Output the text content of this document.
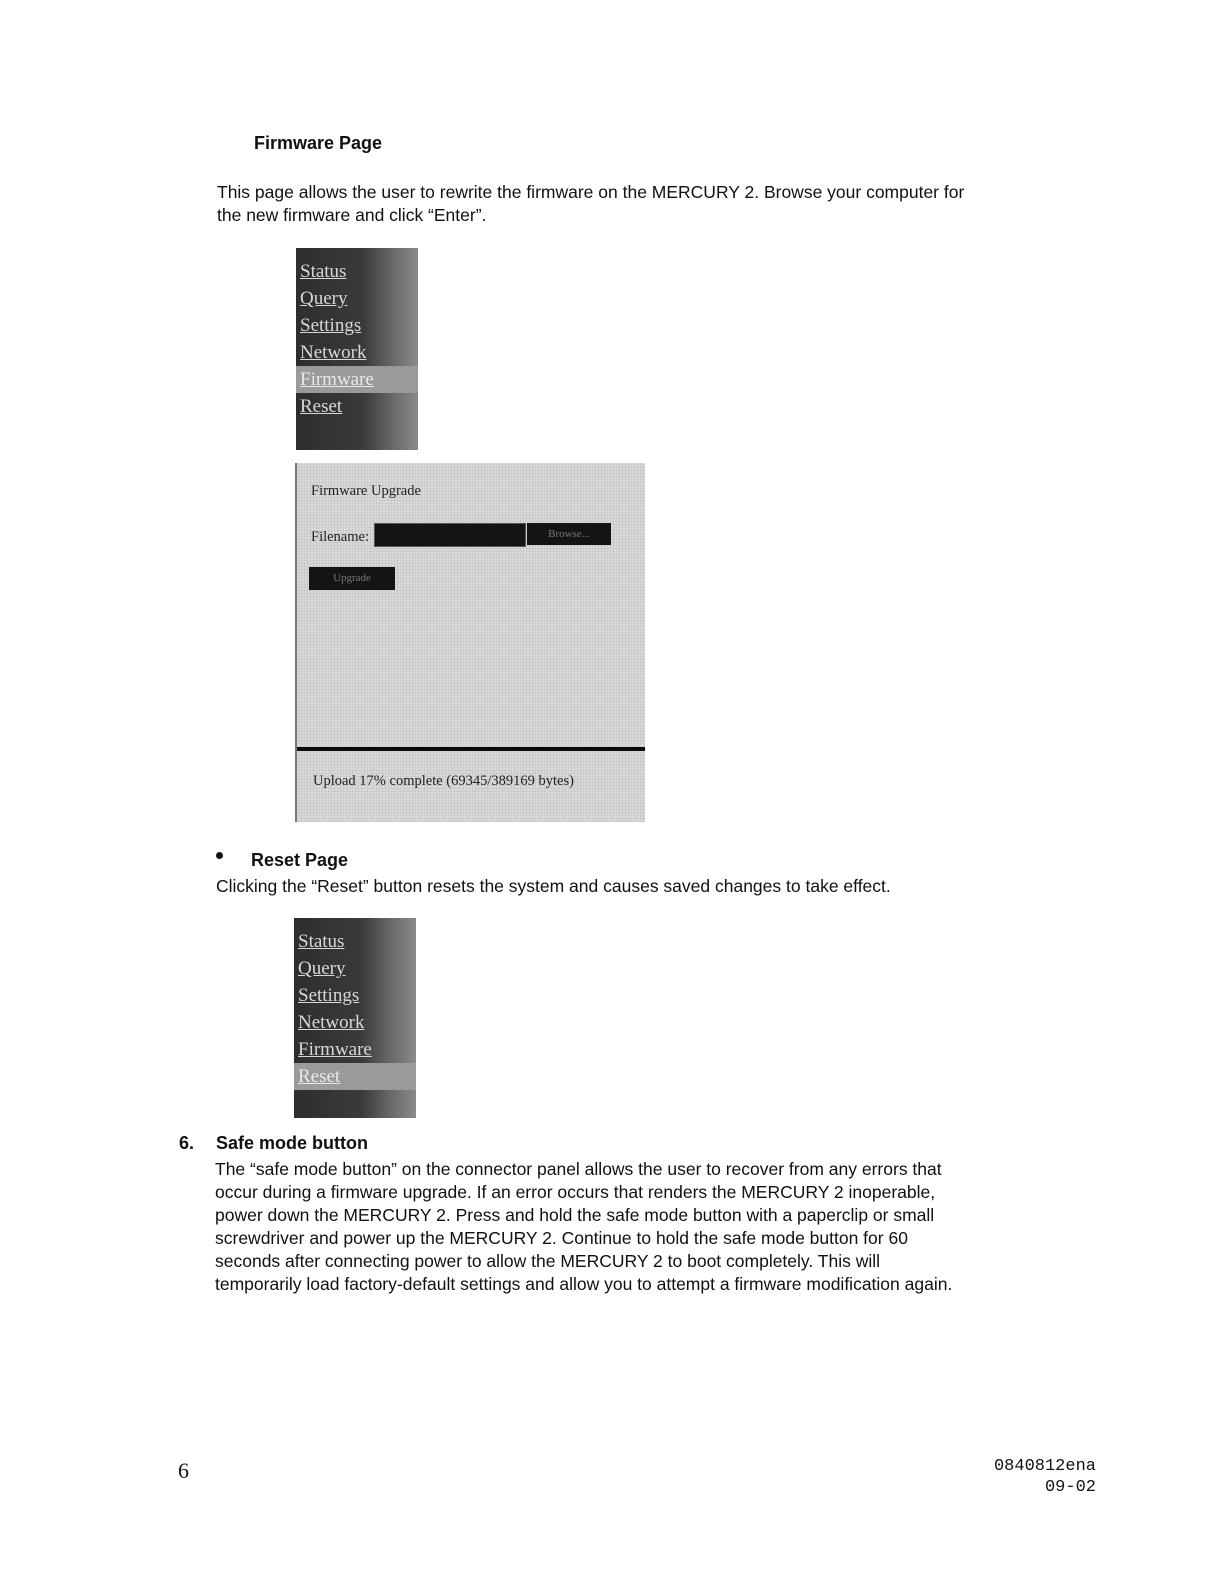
Firmware Page
This page allows the user to rewrite the firmware on the MERCURY 2. Browse your computer for
the new firmware and click “Enter”.
Status
Query
Settings
Network
Firmware
Reset
Firmware Upgrade
Filename:	Browse...
Upgrade
Upload 17% complete (69345/389169 bytes)
Reset Page
Clicking the “Reset” button resets the system and causes saved changes to take effect.
Status
Query
Settings
Network
Firmware
Reset
6. Safe mode button
The “safe mode button” on the connector panel allows the user to recover from any errors that
occur during a firmware upgrade. If an error occurs that renders the MERCURY 2 inoperable,
power down the MERCURY 2. Press and hold the safe mode button with a paperclip or small
screwdriver and power up the MERCURY 2. Continue to hold the safe mode button for 60
seconds after connecting power to allow the MERCURY 2 to boot completely. This will
temporarily load factory-default settings and allow you to attempt a firmware modification again.
6	0840812ena
09-02
